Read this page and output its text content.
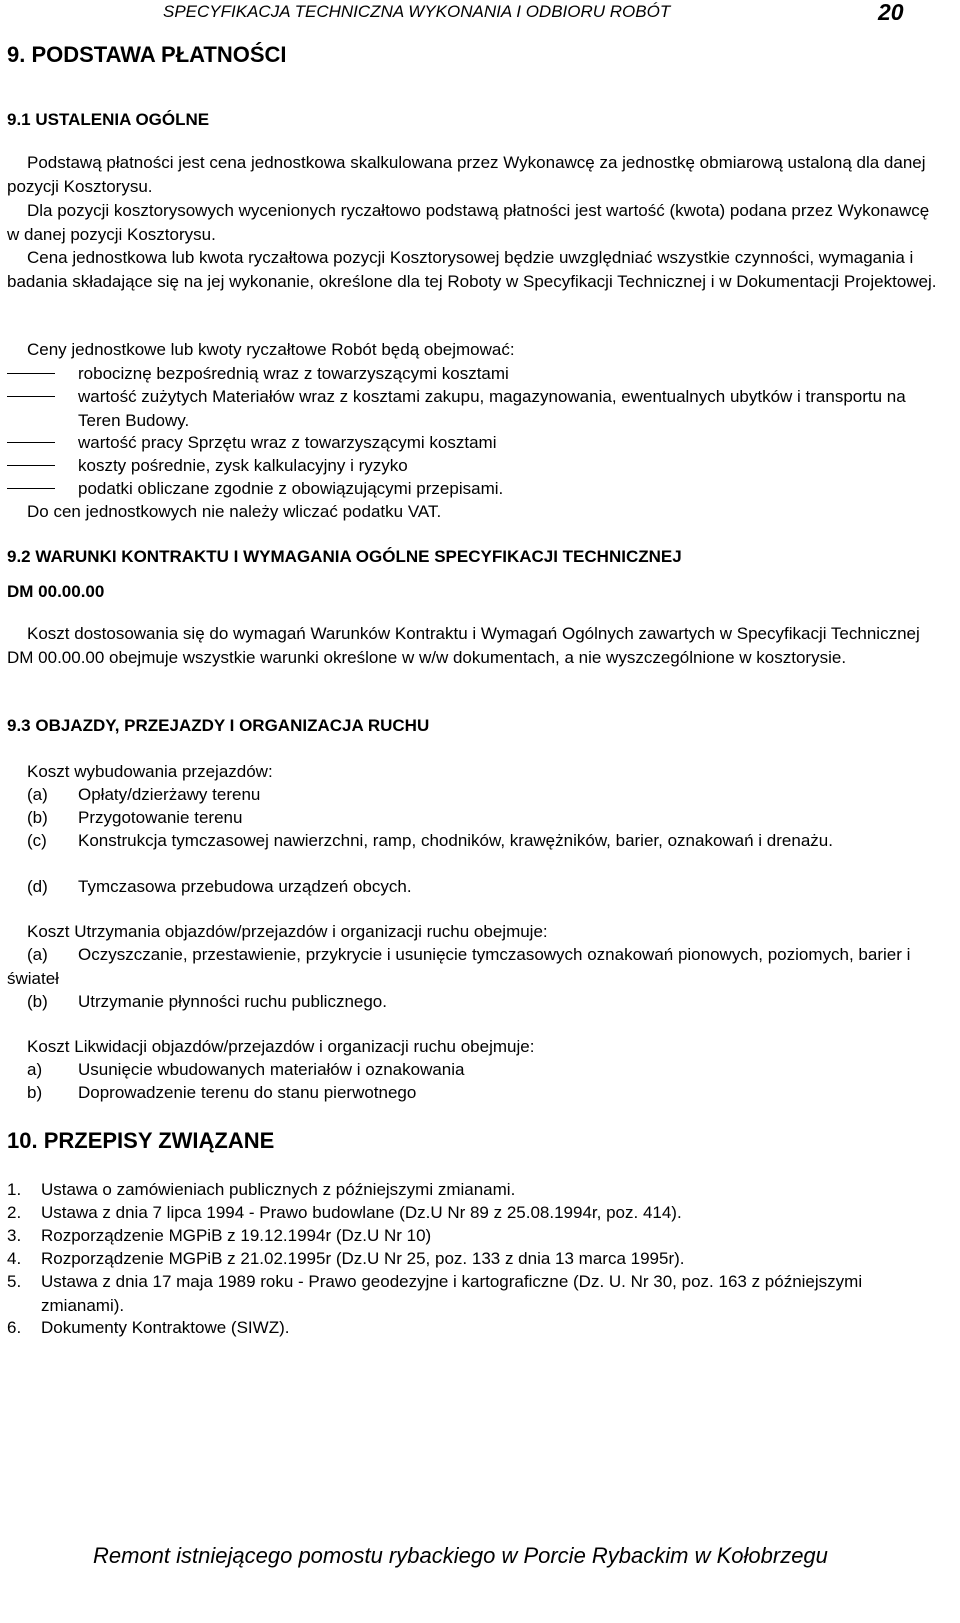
SPECYFIKACJA TECHNICZNA WYKONANIA I ODBIORU ROBÓT	20
9. PODSTAWA PŁATNOŚCI
9.1 USTALENIA OGÓLNE

Podstawą płatności jest cena jednostkowa skalkulowana przez Wykonawcę za jednostkę obmiarową ustaloną dla danej pozycji Kosztorysu.

Dla pozycji kosztorysowych wycenionych ryczałtowo podstawą płatności jest wartość (kwota) podana przez Wykonawcę w danej pozycji Kosztorysu.

Cena jednostkowa lub kwota ryczałtowa pozycji Kosztorysowej będzie uwzględniać wszystkie czynności, wymagania i badania składające się na jej wykonanie, określone dla tej Roboty w Specyfikacji Technicznej i w Dokumentacji Projektowej.

Ceny jednostkowe lub kwoty ryczałtowe Robót będą obejmować:

robociznę bezpośrednią wraz z towarzyszącymi kosztami
wartość zużytych Materiałów wraz z kosztami zakupu, magazynowania, ewentualnych ubytków i transportu na Teren Budowy.
wartość pracy Sprzętu wraz z towarzyszącymi kosztami
koszty pośrednie, zysk kalkulacyjny i ryzyko
podatki obliczane zgodnie z obowiązującymi przepisami.

Do cen jednostkowych nie należy wliczać podatku VAT.

9.2 WARUNKI KONTRAKTU I WYMAGANIA OGÓLNE SPECYFIKACJI TECHNICZNEJ
DM 00.00.00

Koszt dostosowania się do wymagań Warunków Kontraktu i Wymagań Ogólnych zawartych w Specyfikacji Technicznej DM 00.00.00 obejmuje wszystkie warunki określone w w/w dokumentach, a nie wyszczególnione w kosztorysie.

9.3 OBJAZDY, PRZEJAZDY I ORGANIZACJA RUCHU

Koszt wybudowania przejazdów:

(a)	Opłaty/dzierżawy terenu
(b)	Przygotowanie terenu
(c)	Konstrukcja tymczasowej nawierzchni, ramp, chodników, krawężników, barier, oznakowań i drenażu.
(d)	Tymczasowa przebudowa urządzeń obcych.

Koszt Utrzymania objazdów/przejazdów i organizacji ruchu obejmuje:

(a)	Oczyszczanie, przestawienie, przykrycie i usunięcie tymczasowych oznakowań pionowych, poziomych, barier i świateł
(b)	Utrzymanie płynności ruchu publicznego.

Koszt Likwidacji objazdów/przejazdów i organizacji ruchu obejmuje:

a)	Usunięcie wbudowanych materiałów i oznakowania
b)	Doprowadzenie terenu do stanu pierwotnego
10. PRZEPISY ZWIĄZANE
1. Ustawa o zamówieniach publicznych z późniejszymi zmianami.
2. Ustawa z dnia 7 lipca 1994 - Prawo budowlane (Dz.U Nr 89 z 25.08.1994r, poz. 414).
3. Rozporządzenie MGPiB z 19.12.1994r (Dz.U Nr 10)
4. Rozporządzenie MGPiB z 21.02.1995r (Dz.U Nr 25, poz. 133 z dnia 13 marca 1995r).
5. Ustawa z dnia 17 maja 1989 roku - Prawo geodezyjne i kartograficzne (Dz. U. Nr 30, poz. 163 z późniejszymi zmianami).
6. Dokumenty Kontraktowe (SIWZ).
Remont istniejącego pomostu rybackiego w Porcie Rybackim w Kołobrzegu
